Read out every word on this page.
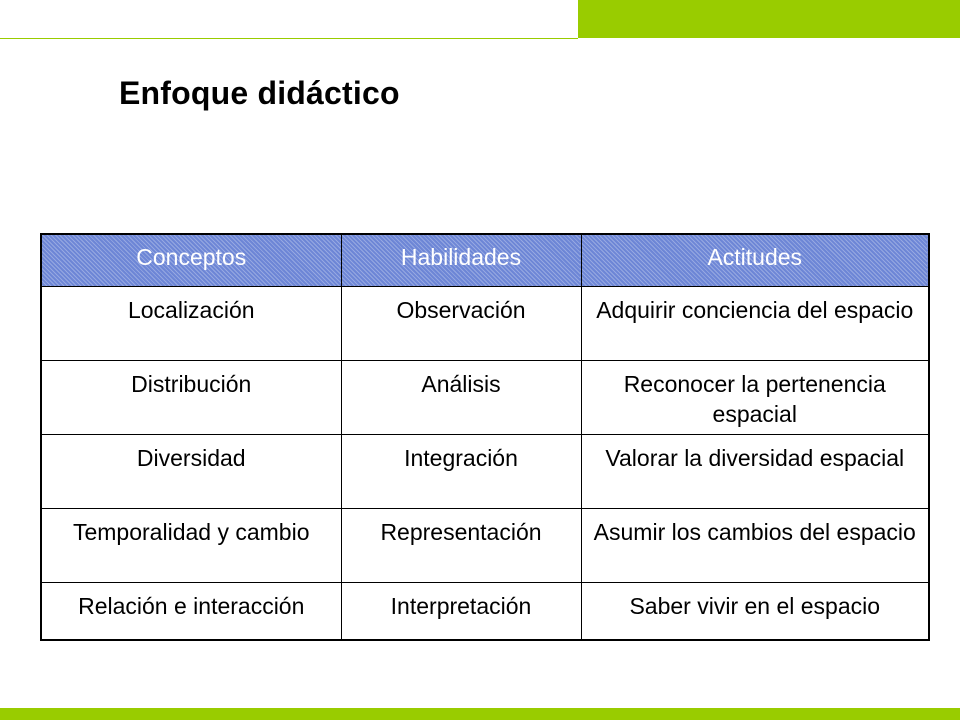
Enfoque didáctico
Conceptos	Habilidades	Actitudes
Localización	Observación	Adquirir conciencia del espacio
Distribución	Análisis	Reconocer la pertenencia espacial
Diversidad	Integración	Valorar la diversidad espacial
Temporalidad y cambio	Representación	Asumir los cambios del espacio
Relación e interacción	Interpretación	Saber vivir en el espacio
